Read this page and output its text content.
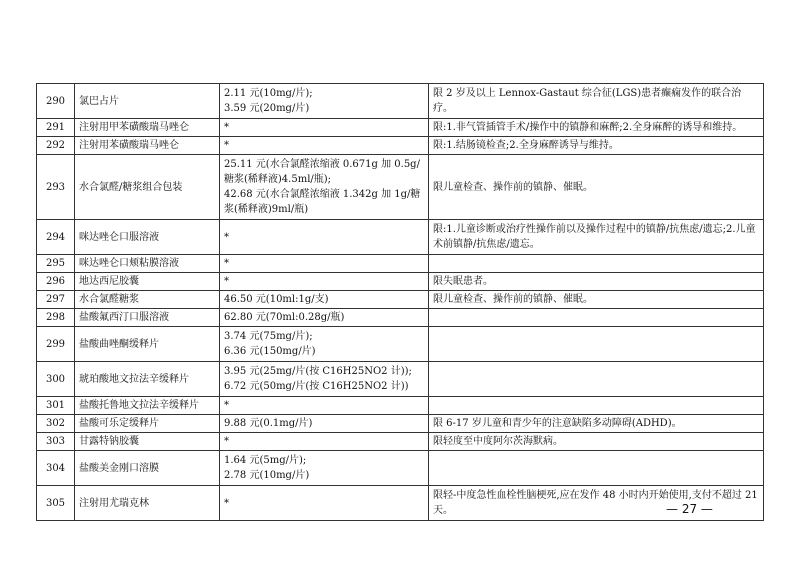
290	氯巴占片	2.11 元(10mg/片);
3.59 元(20mg/片)	限 2 岁及以上 Lennox-Gastaut 综合征(LGS)患者癫痫发作的联合治疗。
291	注射用甲苯磺酸瑞马唑仑	*	限:1.非气管插管手术/操作中的镇静和麻醉;2.全身麻醉的诱导和维持。
292	注射用苯磺酸瑞马唑仑	*	限:1.结肠镜检查;2.全身麻醉诱导与维持。
293	水合氯醛/糖浆组合包装	25.11 元(水合氯醛浓缩液 0.671g 加 0.5g/糖浆(稀释液)4.5ml/瓶);
42.68 元(水合氯醛浓缩液 1.342g 加 1g/糖浆(稀释液)9ml/瓶)	限儿童检查、操作前的镇静、催眠。
294	咪达唑仑口服溶液	*	限:1.儿童诊断或治疗性操作前以及操作过程中的镇静/抗焦虑/遗忘;2.儿童术前镇静/抗焦虑/遗忘。
295	咪达唑仑口颊粘膜溶液	*	
296	地达西尼胶囊	*	限失眠患者。
297	水合氯醛糖浆	46.50 元(10ml:1g/支)	限儿童检查、操作前的镇静、催眠。
298	盐酸氟西汀口服溶液	62.80 元(70ml:0.28g/瓶)	
299	盐酸曲唑酮缓释片	3.74 元(75mg/片);
6.36 元(150mg/片)	
300	琥珀酸地文拉法辛缓释片	3.95 元(25mg/片(按 C16H25NO2 计));
6.72 元(50mg/片(按 C16H25NO2 计))	
301	盐酸托鲁地文拉法辛缓释片	*	
302	盐酸可乐定缓释片	9.88 元(0.1mg/片)	限 6-17 岁儿童和青少年的注意缺陷多动障碍(ADHD)。
303	甘露特钠胶囊	*	限轻度至中度阿尔茨海默病。
304	盐酸美金刚口溶膜	1.64 元(5mg/片);
2.78 元(10mg/片)	
305	注射用尤瑞克林	*	限轻-中度急性血栓性脑梗死,应在发作 48 小时内开始使用,支付不超过 21 天。	— 27 —
